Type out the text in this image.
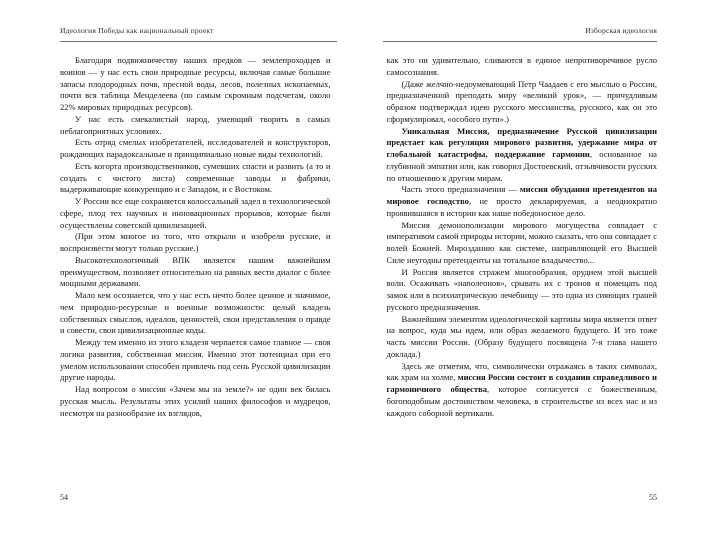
Идеология Победы как национальный проект

Благодаря подвижничеству наших предков — землепроходцев и воинов — у нас есть свои природные ресурсы, включая самые большие запасы плодородных почв, пресной воды, лесов, полезных ископаемых, почти вся таблица Менделеева (по самым скромным подсчетам, около 22% мировых природных ресурсов).

У нас есть смекалистый народ, умеющий творить в самых неблагоприятных условиях.

Есть отряд смелых изобретателей, исследователей и конструкторов, рождающих парадоксальные и принципиально новые виды технологий.

Есть когорта производственников, сумевших спасти и развить (а то и создать с чистого листа) современные заводы и фабрики, выдерживающие конкуренцию и с Западом, и с Востоком.

У России все еще сохраняется колоссальный задел в технологической сфере, плод тех научных и инновационных прорывов, которые были осуществлены советской цивилизацией.

(При этом многое из того, что открыли и изобрели русские, и воспроизвести могут только русские.)

Высокотехнологичный ВПК является нашим важнейшим преимуществом, позволяет относительно на равных вести диалог с более мощными державами.

Мало кем осознается, что у нас есть нечто более ценное и значимое, чем природно-ресурсные и военные возможности: целый кладезь собственных смыслов, идеалов, ценностей, свои представления о правде и совести, свои цивилизационные коды.

Между тем именно из этого кладезя черпается самое главное — своя логика развития, собственная миссия. Именно этот потенциал при его умелом использовании способен привлечь под сень Русской цивилизации другие народы.

Над вопросом о миссии «Зачем мы на земле?» не один век билась русская мысль. Результаты этих усилий наших философов и мудрецов, несмотря на разнообразие их взглядов,

54
Изборская идеология

как это ни удивительно, сливаются в единое непротиворечивое русло самосознания.

(Даже желчно-недоумевающий Петр Чаадаев с его мыслью о России, предназначенной преподать миру «великий урок», — причудливым образом подтверждал идею русского мессианства, русского, как он это сформулировал, «особого пути».)

Уникальная Миссия, предназначение Русской цивилизации предстает как регуляция мирового развития, удержание мира от глобальной катастрофы, поддержание гармонии, основанное на глубинной эмпатии или, как говорил Достоевский, отзывчивости русских по отношению к другим мирам.

Часть этого предназначения — миссия обуздания претендентов на мировое господство, не просто декларируемая, а неоднократно проявившаяся в истории как наше победоносное дело.

Миссия демонополизации мирового могущества совпадает с императивом самой природы истории, можно сказать, что она совпадает с волей Божией. Мирозданию как системе, направляющей его Высшей Силе неугодны претенденты на тотальное владычество...

И Россия является стражем многообразия, орудием этой высшей воли. Осаживать «наполеонов», срывать их с тронов и помещать под замок или в психиатрическую лечебницу — это одна из сияющих граней русского предназначения.

Важнейшим элементом идеологической картины мира является ответ на вопрос, куда мы идем, или образ желаемого будущего. И это тоже часть миссии России. (Образу будущего посвящена 7-я глава нашего доклада.)

Здесь же отметим, что, символически отражаясь в таких символах, как храм на холме, миссия России состоит в создании справедливого и гармоничного общества, которое согласуется с божественным, богоподобным достоинством человека, в строительстве из всех нас и из каждого соборной вертикали.

55
